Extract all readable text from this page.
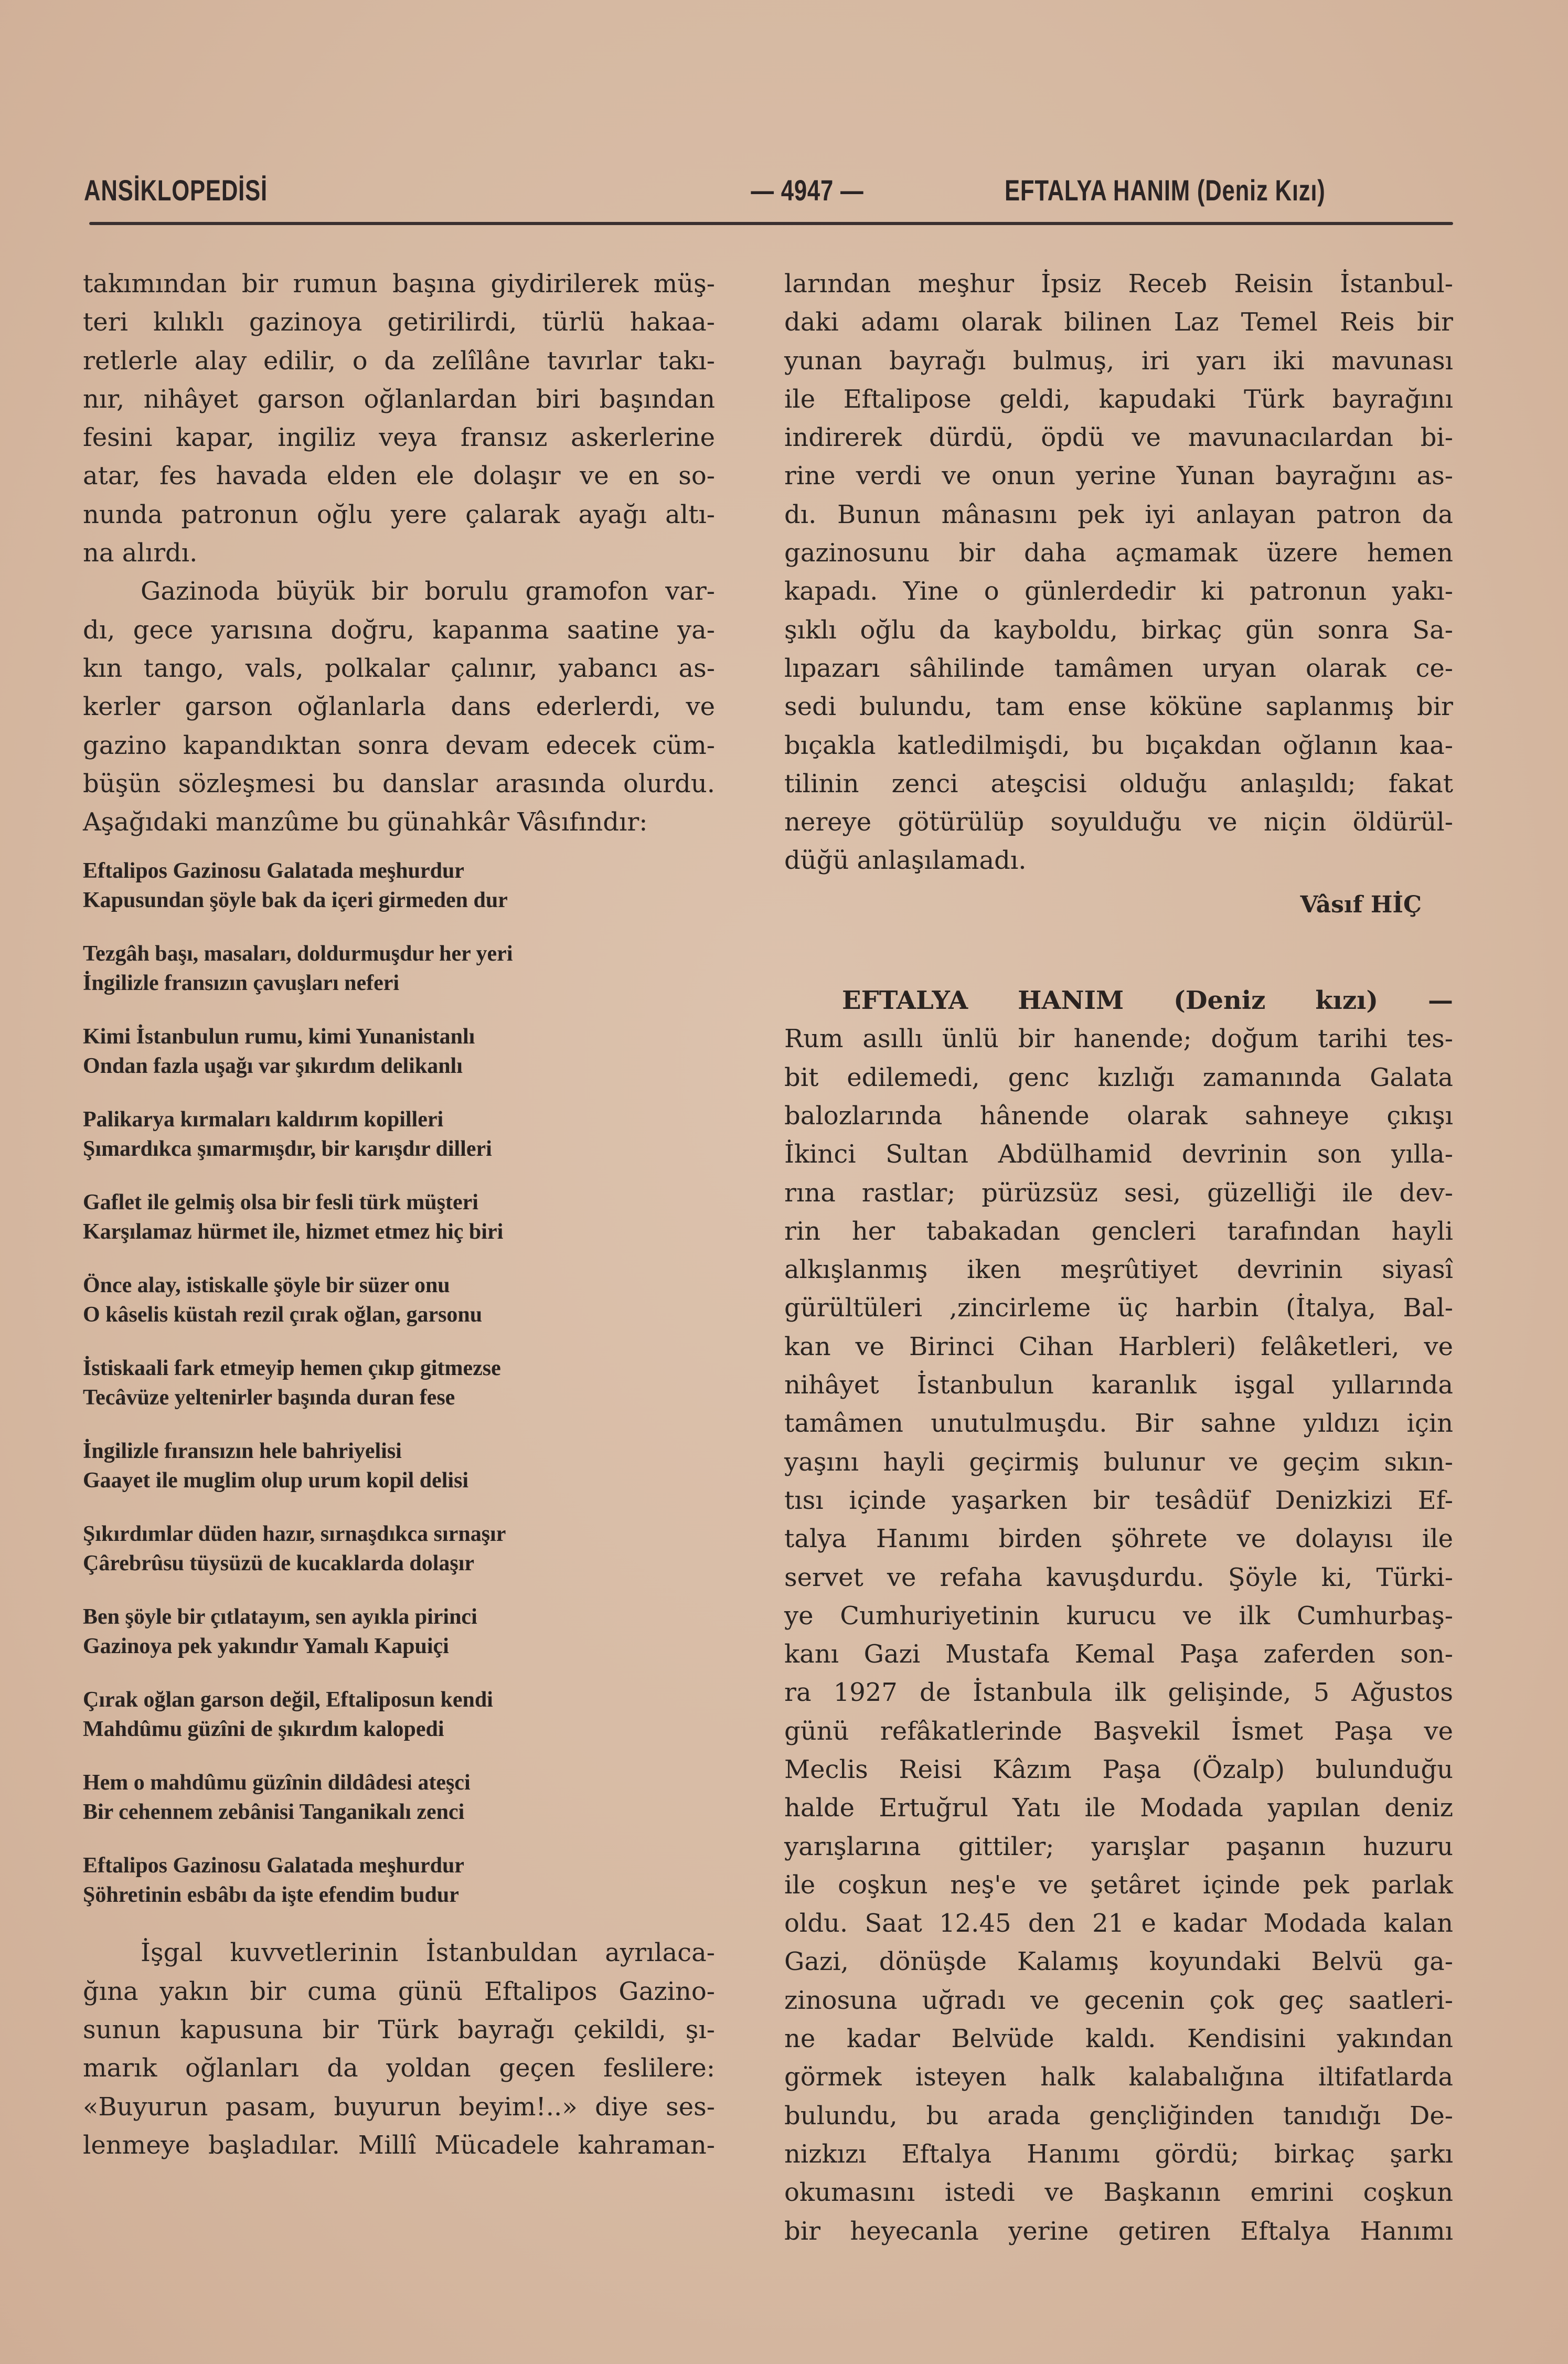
ANSİKLOPEDİSİ	— 4947 —	EFTALYA HANIM (Deniz Kızı)
takımından bir rumun başına giydirilerek müş-
teri kılıklı gazinoya getirilirdi, türlü hakaa-
retlerle alay edilir, o da zelîlâne tavırlar takı-
nır, nihâyet garson oğlanlardan biri başından
fesini kapar, ingiliz veya fransız askerlerine
atar, fes havada elden ele dolaşır ve en so-
nunda patronun oğlu yere çalarak ayağı altı-
na alırdı.
Gazinoda büyük bir borulu gramofon var-
dı, gece yarısına doğru, kapanma saatine ya-
kın tango, vals, polkalar çalınır, yabancı as-
kerler garson oğlanlarla dans ederlerdi, ve
gazino kapandıktan sonra devam edecek cüm-
büşün sözleşmesi bu danslar arasında olurdu.
Aşağıdaki manzûme bu günahkâr Vâsıfındır:
Eftalipos Gazinosu Galatada meşhurdur
Kapusundan şöyle bak da içeri girmeden dur
Tezgâh başı, masaları, doldurmuşdur her yeri
İngilizle fransızın çavuşları neferi
Kimi İstanbulun rumu, kimi Yunanistanlı
Ondan fazla uşağı var şıkırdım delikanlı
Palikarya kırmaları kaldırım kopilleri
Şımardıkca şımarmışdır, bir karışdır dilleri
Gaflet ile gelmiş olsa bir fesli türk müşteri
Karşılamaz hürmet ile, hizmet etmez hiç biri
Önce alay, istiskalle şöyle bir süzer onu
O kâselis küstah rezil çırak oğlan, garsonu
İstiskaali fark etmeyip hemen çıkıp gitmezse
Tecâvüze yeltenirler başında duran fese
İngilizle fıransızın hele bahriyelisi
Gaayet ile muglim olup urum kopil delisi
Şıkırdımlar düden hazır, sırnaşdıkca sırnaşır
Çârebrûsu tüysüzü de kucaklarda dolaşır
Ben şöyle bir çıtlatayım, sen ayıkla pirinci
Gazinoya pek yakındır Yamalı Kapuiçi
Çırak oğlan garson değil, Eftaliposun kendi
Mahdûmu güzîni de şıkırdım kalopedi
Hem o mahdûmu güzînin dildâdesi ateşci
Bir cehennem zebânisi Tanganikalı zenci
Eftalipos Gazinosu Galatada meşhurdur
Şöhretinin esbâbı da işte efendim budur
İşgal kuvvetlerinin İstanbuldan ayrılaca-
ğına yakın bir cuma günü Eftalipos Gazino-
sunun kapusuna bir Türk bayrağı çekildi, şı-
marık oğlanları da yoldan geçen feslilere:
«Buyurun pasam, buyurun beyim!..» diye ses-
lenmeye başladılar. Millî Mücadele kahraman-
larından meşhur İpsiz Receb Reisin İstanbul-
daki adamı olarak bilinen Laz Temel Reis bir
yunan bayrağı bulmuş, iri yarı iki mavunası
ile Eftalipose geldi, kapudaki Türk bayrağını
indirerek dürdü, öpdü ve mavunacılardan bi-
rine verdi ve onun yerine Yunan bayrağını as-
dı. Bunun mânasını pek iyi anlayan patron da
gazinosunu bir daha açmamak üzere hemen
kapadı. Yine o günlerdedir ki patronun yakı-
şıklı oğlu da kayboldu, birkaç gün sonra Sa-
lıpazarı sâhilinde tamâmen uryan olarak ce-
sedi bulundu, tam ense köküne saplanmış bir
bıçakla katledilmişdi, bu bıçakdan oğlanın kaa-
tilinin zenci ateşcisi olduğu anlaşıldı; fakat
nereye götürülüp soyulduğu ve niçin öldürül-
düğü anlaşılamadı.
Vâsıf HİÇ
EFTALYA HANIM (Deniz kızı) —
Rum asıllı ünlü bir hanende; doğum tarihi tes-
bit edilemedi, genc kızlığı zamanında Galata
balozlarında hânende olarak sahneye çıkışı
İkinci Sultan Abdülhamid devrinin son yılla-
rına rastlar; pürüzsüz sesi, güzelliği ile dev-
rin her tabakadan gencleri tarafından hayli
alkışlanmış iken meşrûtiyet devrinin siyasî
gürültüleri ,zincirleme üç harbin (İtalya, Bal-
kan ve Birinci Cihan Harbleri) felâketleri, ve
nihâyet İstanbulun karanlık işgal yıllarında
tamâmen unutulmuşdu. Bir sahne yıldızı için
yaşını hayli geçirmiş bulunur ve geçim sıkın-
tısı içinde yaşarken bir tesâdüf Denizkizi Ef-
talya Hanımı birden şöhrete ve dolayısı ile
servet ve refaha kavuşdurdu. Şöyle ki, Türki-
ye Cumhuriyetinin kurucu ve ilk Cumhurbaş-
kanı Gazi Mustafa Kemal Paşa zaferden son-
ra 1927 de İstanbula ilk gelişinde, 5 Ağustos
günü refâkatlerinde Başvekil İsmet Paşa ve
Meclis Reisi Kâzım Paşa (Özalp) bulunduğu
halde Ertuğrul Yatı ile Modada yapılan deniz
yarışlarına gittiler; yarışlar paşanın huzuru
ile coşkun neş'e ve şetâret içinde pek parlak
oldu. Saat 12.45 den 21 e kadar Modada kalan
Gazi, dönüşde Kalamış koyundaki Belvü ga-
zinosuna uğradı ve gecenin çok geç saatleri-
ne kadar Belvüde kaldı. Kendisini yakından
görmek isteyen halk kalabalığına iltifatlarda
bulundu, bu arada gençliğinden tanıdığı De-
nizkızı Eftalya Hanımı gördü; birkaç şarkı
okumasını istedi ve Başkanın emrini coşkun
bir heyecanla yerine getiren Eftalya Hanımı
